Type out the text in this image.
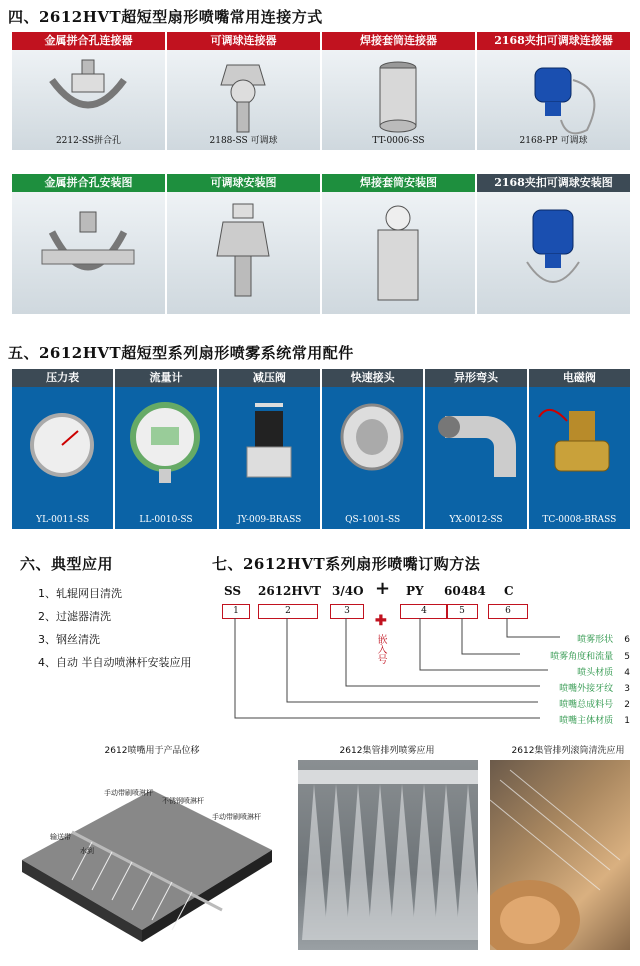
四、2612HVT超短型扇形喷嘴常用连接方式
金属拼合孔连接器
2212-SS拼合孔
可调球连接器
2188-SS 可调球
焊接套筒连接器
TT-0006-SS
2168夹扣可调球连接器
2168-PP 可调球
金属拼合孔安装图	可调球安装图	焊接套筒安装图	2168夹扣可调球安装图
五、2612HVT超短型系列扇形喷雾系统常用配件
压力表
YL-0011-SS
流量计
LL-0010-SS
减压阀
JY-009-BRASS
快速接头
QS-1001-SS
异形弯头
YX-0012-SS
电磁阀
TC-0008-BRASS
六、典型应用
1、轧辊网目清洗
2、过滤器清洗
3、钢丝清洗
4、自动 半自动喷淋杆安装应用
七、2612HVT系列扇形喷嘴订购方法
SS 2612HVT 3/4O + PY 60484 C
1	2	3	4	5	6
✚
嵌入号	喷雾形状 6
喷雾角度和流量 5
喷头材质 4
喷嘴外接牙纹 3
喷嘴总成料号 2
喷嘴主体材质 1
2612喷嘴用于产品位移	2612集管排列喷雾应用	2612集管排列滚筒清洗应用
手动带刷喷淋杆
不锈钢喷淋杆
手动带刷喷淋杆
输送带
水到
